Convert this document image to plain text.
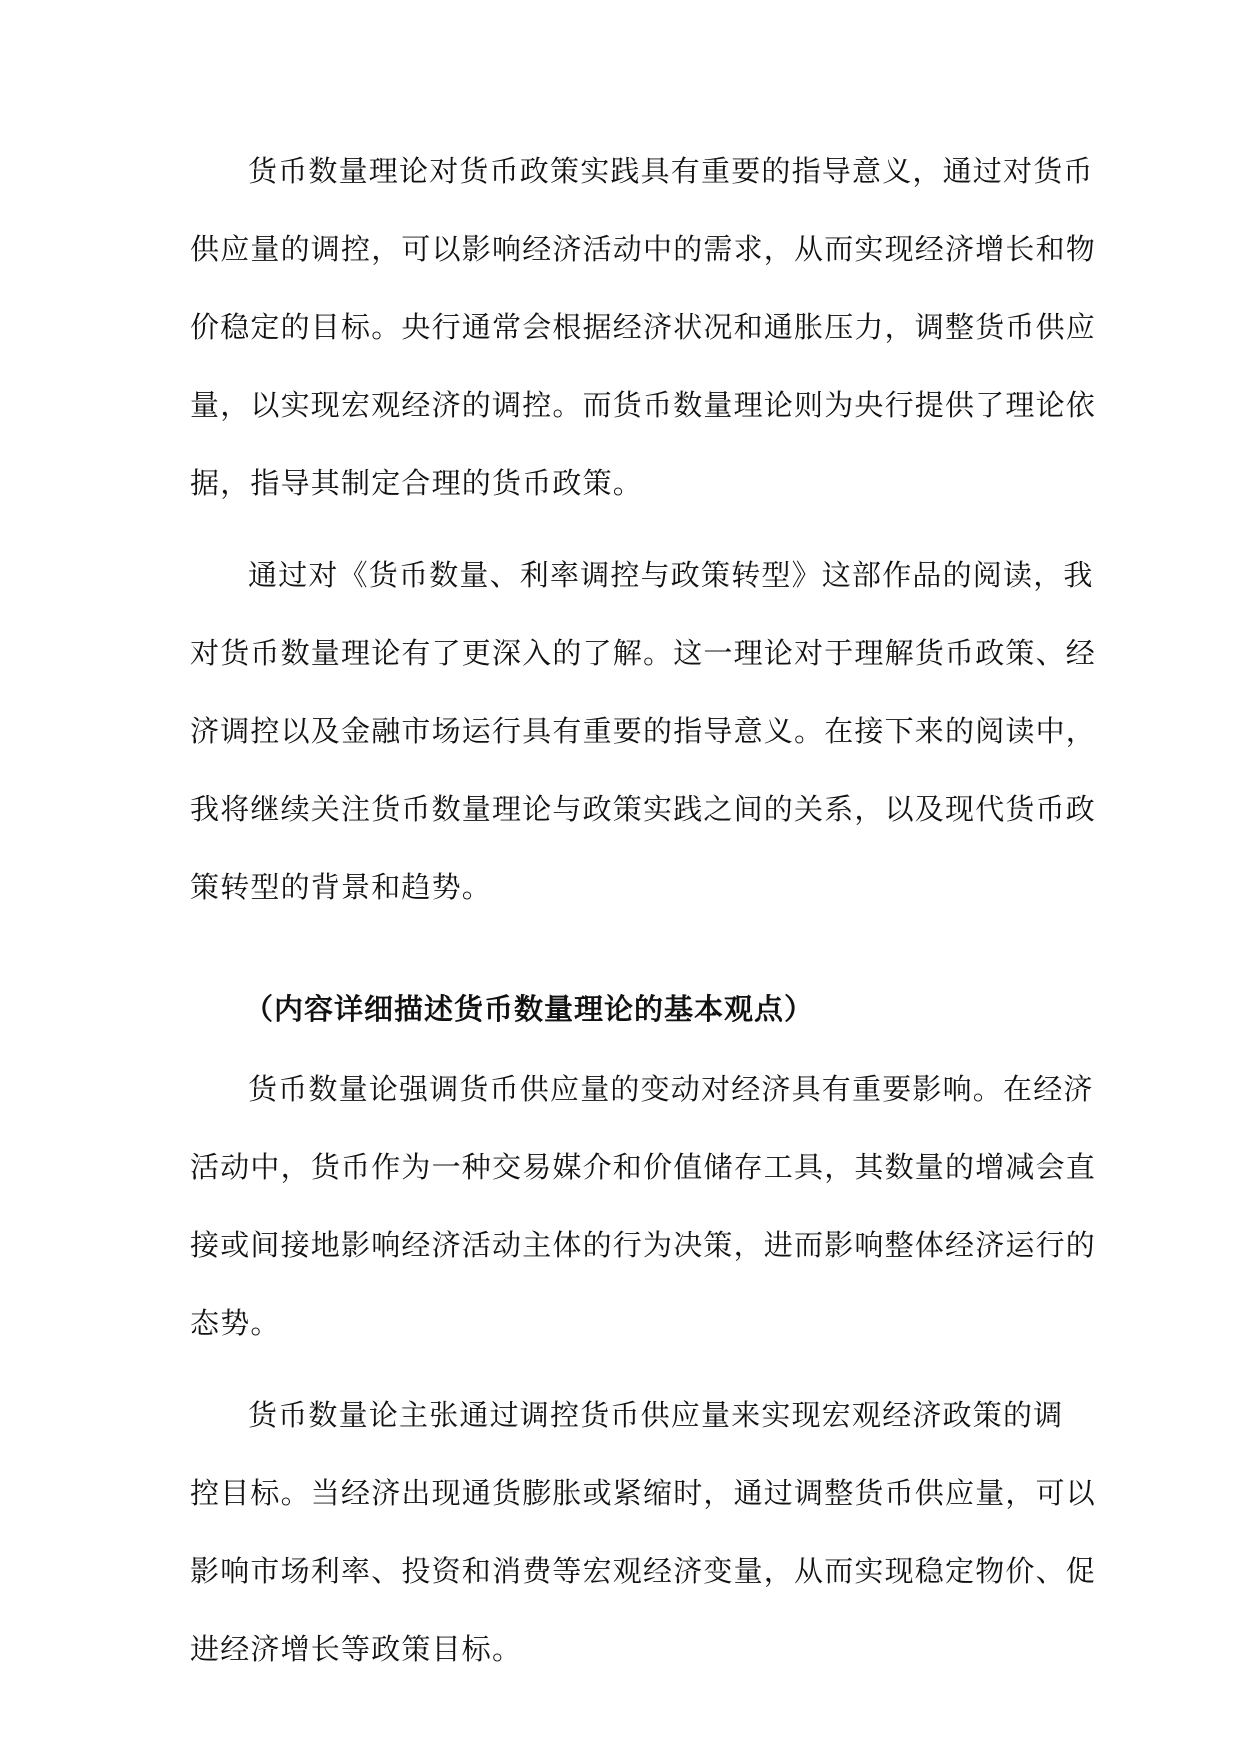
货币数量理论对货币政策实践具有重要的指导意义，通过对货币
供应量的调控，可以影响经济活动中的需求，从而实现经济增长和物
价稳定的目标。央行通常会根据经济状况和通胀压力，调整货币供应
量，以实现宏观经济的调控。而货币数量理论则为央行提供了理论依
据，指导其制定合理的货币政策。
通过对《货币数量、利率调控与政策转型》这部作品的阅读，我
对货币数量理论有了更深入的了解。这一理论对于理解货币政策、经
济调控以及金融市场运行具有重要的指导意义。在接下来的阅读中，
我将继续关注货币数量理论与政策实践之间的关系，以及现代货币政
策转型的背景和趋势。
（内容详细描述货币数量理论的基本观点）
货币数量论强调货币供应量的变动对经济具有重要影响。在经济
活动中，货币作为一种交易媒介和价值储存工具，其数量的增减会直
接或间接地影响经济活动主体的行为决策，进而影响整体经济运行的
态势。
货币数量论主张通过调控货币供应量来实现宏观经济政策的调
控目标。当经济出现通货膨胀或紧缩时，通过调整货币供应量，可以
影响市场利率、投资和消费等宏观经济变量，从而实现稳定物价、促
进经济增长等政策目标。
